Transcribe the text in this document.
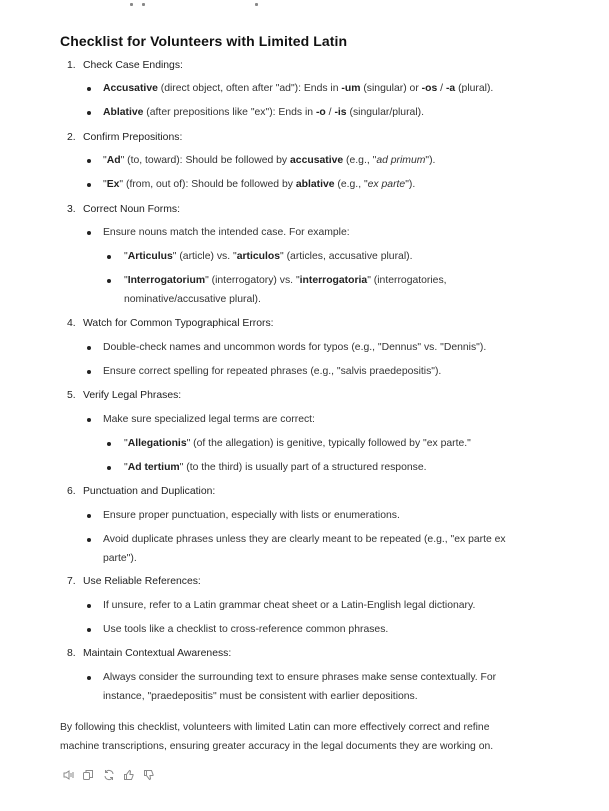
Checklist for Volunteers with Limited Latin
1. Check Case Endings:
Accusative (direct object, often after "ad"): Ends in -um (singular) or -os / -a (plural).
Ablative (after prepositions like "ex"): Ends in -o / -is (singular/plural).
2. Confirm Prepositions:
"Ad" (to, toward): Should be followed by accusative (e.g., "ad primum").
"Ex" (from, out of): Should be followed by ablative (e.g., "ex parte").
3. Correct Noun Forms:
Ensure nouns match the intended case. For example:
"Articulus" (article) vs. "articulos" (articles, accusative plural).
"Interrogatorium" (interrogatory) vs. "interrogatoria" (interrogatories,
nominative/accusative plural).
4. Watch for Common Typographical Errors:
Double-check names and uncommon words for typos (e.g., "Dennus" vs. "Dennis").
Ensure correct spelling for repeated phrases (e.g., "salvis praedepositis").
5. Verify Legal Phrases:
Make sure specialized legal terms are correct:
"Allegationis" (of the allegation) is genitive, typically followed by "ex parte."
"Ad tertium" (to the third) is usually part of a structured response.
6. Punctuation and Duplication:
Ensure proper punctuation, especially with lists or enumerations.
Avoid duplicate phrases unless they are clearly meant to be repeated (e.g., "ex parte ex
parte").
7. Use Reliable References:
If unsure, refer to a Latin grammar cheat sheet or a Latin-English legal dictionary.
Use tools like a checklist to cross-reference common phrases.
8. Maintain Contextual Awareness:
Always consider the surrounding text to ensure phrases make sense contextually. For
instance, "praedepositis" must be consistent with earlier depositions.
By following this checklist, volunteers with limited Latin can more effectively correct and refine
machine transcriptions, ensuring greater accuracy in the legal documents they are working on.
